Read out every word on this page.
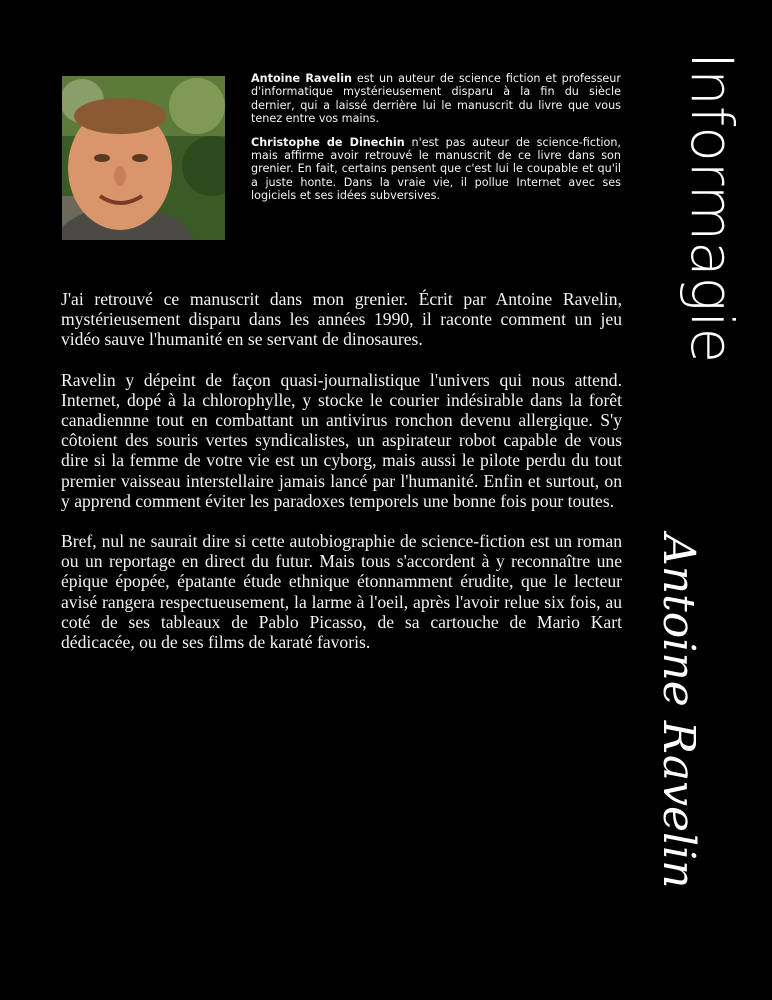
Antoine Ravelin est un auteur de science fiction et professeur d'informatique mystérieusement disparu à la fin du siècle dernier, qui a laissé derrière lui le manuscrit du livre que vous tenez entre vos mains.

Christophe de Dinechin n'est pas auteur de science-fiction, mais affirme avoir retrouvé le manuscrit de ce livre dans son grenier. En fait, certains pensent que c'est lui le coupable et qu'il a juste honte. Dans la vraie vie, il pollue Internet avec ses logiciels et ses idées subversives.

J'ai retrouvé ce manuscrit dans mon grenier. Écrit par Antoine Ravelin, mystérieusement disparu dans les années 1990, il raconte comment un jeu vidéo sauve l'humanité en se servant de dinosaures.

Ravelin y dépeint de façon quasi-journalistique l'univers qui nous attend. Internet, dopé à la chlorophylle, y stocke le courier indésirable dans la forêt canadiennne tout en combattant un antivirus ronchon devenu allergique. S'y côtoient des souris vertes syndicalistes, un aspirateur robot capable de vous dire si la femme de votre vie est un cyborg, mais aussi le pilote perdu du tout premier vaisseau interstellaire jamais lancé par l'humanité. Enfin et surtout, on y apprend comment éviter les paradoxes temporels une bonne fois pour toutes.

Bref, nul ne saurait dire si cette autobiographie de science-fiction est un roman ou un reportage en direct du futur. Mais tous s'accordent à y reconnaître une épique épopée, épatante étude ethnique étonnamment érudite, que le lecteur avisé rangera respectueusement, la larme à l'oeil, après l'avoir relue six fois, au coté de ses tableaux de Pablo Picasso, de sa cartouche de Mario Kart dédicacée, ou de ses films de karaté favoris.

Informagie
Antoine Ravelin
